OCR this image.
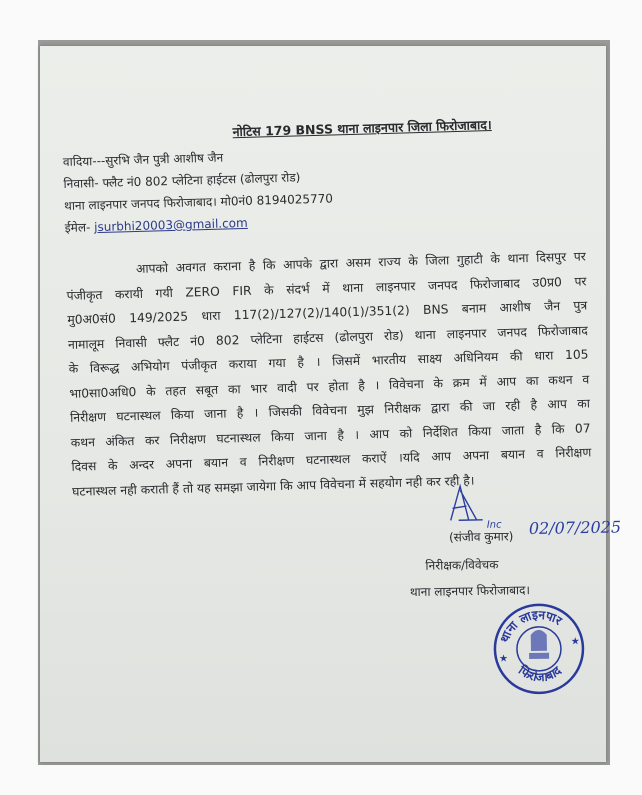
नोटिस 179 BNSS थाना लाइनपार जिला फिरोजाबाद।
वादिया---सुरभि जैन पुत्री आशीष जैन
निवासी- फ्लैट नं0 802 प्लेटिना हाईटस (ढोलपुरा रोड)
थाना लाइनपार जनपद फिरोजाबाद। मो0नं0 8194025770
ईमेल- jsurbhi20003@gmail.com
आपको अवगत कराना है कि आपके द्वारा असम राज्य के जिला गुहाटी के थाना दिसपुर पर
पंजीकृत करायी गयी ZERO FIR के संदर्भ में थाना लाइनपार जनपद फिरोजाबाद उ0प्र0 पर
मु0अ0सं0 149/2025 धारा 117(2)/127(2)/140(1)/351(2) BNS बनाम आशीष जैन पुत्र
नामालूम निवासी फ्लैट नं0 802 प्लेटिना हाईटस (ढोलपुरा रोड) थाना लाइनपार जनपद फिरोजाबाद
के विरूद्ध अभियोग पंजीकृत कराया गया है । जिसमें भारतीय साक्ष्य अधिनियम की धारा 105
भा0सा0अधि0 के तहत सबूत का भार वादी पर होता है । विवेचना के क्रम में आप का कथन व
निरीक्षण घटनास्थल किया जाना है । जिसकी विवेचना मुझ निरीक्षक द्वारा की जा रही है आप का
कथन अंकित कर निरीक्षण घटनास्थल किया जाना है । आप को निर्देशित किया जाता है कि 07
दिवस के अन्दर अपना बयान व निरीक्षण घटनास्थल कराऐं ।यदि आप अपना बयान व निरीक्षण
घटनास्थल नही कराती हैं तो यह समझा जायेगा कि आप विवेचना में सहयोग नही कर रही है।
Inc
(संजीव कुमार) 02/07/2025
निरीक्षक/विवेचक
थाना लाइनपार फिरोजाबाद।
थाना लाइनपार
फिरोजाबाद
★
★
